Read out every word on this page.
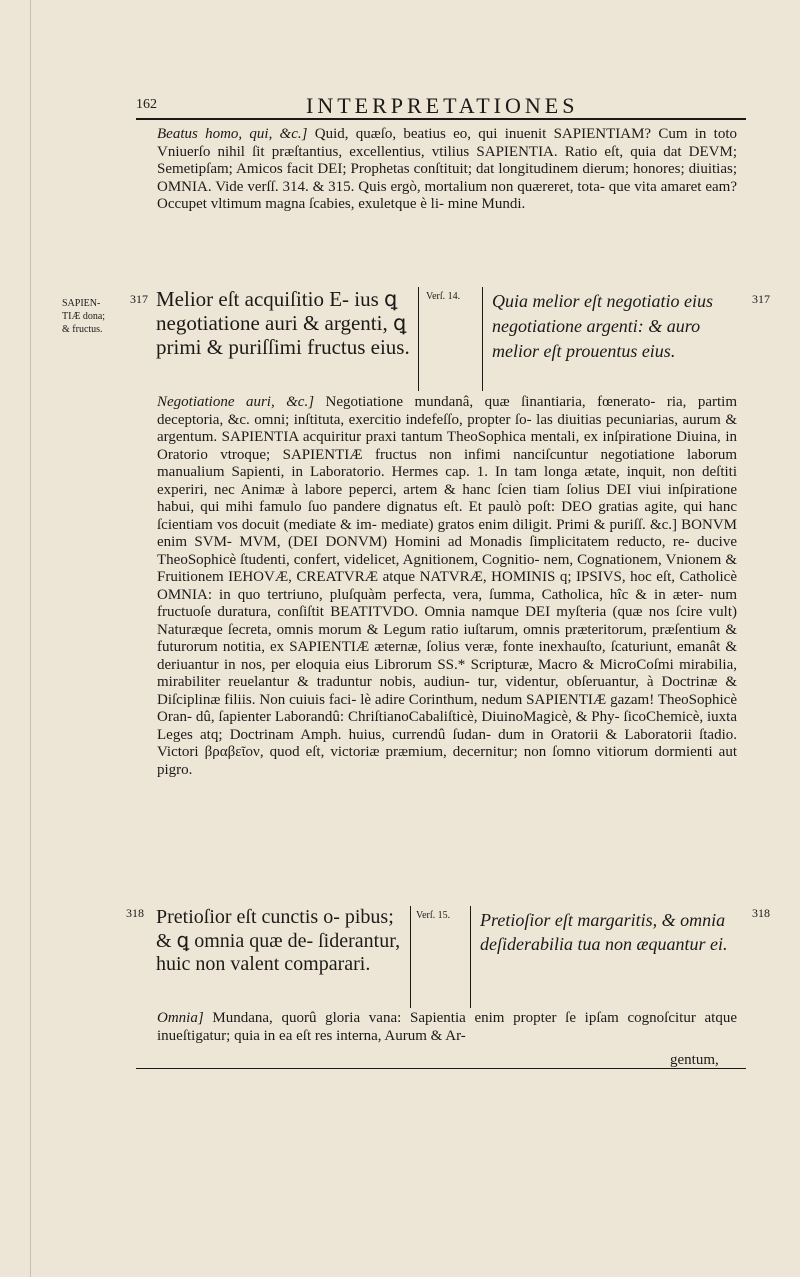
162	INTERPRETATIONES
Beatus homo, qui, &c.] Quid, quæſo, beatius eo, qui inuenit SAPIENTIAM? Cum in toto Vniuerſo nihil ſit præſtantius, excellentius, vtilius SAPIENTIA. Ratio eſt, quia dat DEVM; Semetipſam; Amicos facit DEI; Prophetas conſtituit; dat longitudinem dierum; honores; diuitias; OMNIA. Vide verſſ. 314. & 315. Quis ergò, mortalium non quæreret, tota- que vita amaret eam? Occupet vltimum magna ſcabies, exuletque è li- mine Mundi.
SAPIEN-
TIÆ dona;
& fructus.
317	317
Melior eſt acquiſitio E- ius ꝗ negotiatione auri & argenti, ꝗ primi & puriſſimi fructus eius.
Verſ. 14. Quia melior eſt negotiatio eius negotiatione argenti: & auro melior eſt prouentus eius.
Negotiatione auri, &c.] Negotiatione mundanâ, quæ ſinantiaria, fœnerato- ria, partim deceptoria, &c. omni; inſtituta, exercitio indefeſſo, propter ſo- las diuitias pecuniarias, aurum & argentum. SAPIENTIA acquiritur praxi tantum TheoSophica mentali, ex inſpiratione Diuina, in Oratorio vtroque; SAPIENTIÆ fructus non infimi nanciſcuntur negotiatione laborum manualium Sapienti, in Laboratorio. Hermes cap. 1. In tam longa ætate, inquit, non deſtiti experiri, nec Animæ à labore peperci, artem & hanc ſcien tiam ſolius DEI viui inſpiratione habui, qui mihi famulo ſuo pandere dignatus eſt. Et paulò poſt: DEO gratias agite, qui hanc ſcientiam vos docuit (mediate & im- mediate) gratos enim diligit. Primi & puriſſ. &c.] BONVM enim SVM- MVM, (DEI DONVM) Homini ad Monadis ſimplicitatem reducto, re- ducive TheoSophicè ſtudenti, confert, videlicet, Agnitionem, Cognitio- nem, Cognationem, Vnionem & Fruitionem IEHOVÆ, CREATVRÆ atque NATVRÆ, HOMINIS q; IPSIVS, hoc eſt, Catholicè OMNIA: in quo tertriuno, pluſquàm perfecta, vera, ſumma, Catholica, hîc & in æter- num fructuoſe duratura, conſiſtit BEATITVDO. Omnia namque DEI myſteria (quæ nos ſcire vult) Naturæque ſecreta, omnis morum & Legum ratio iuſtarum, omnis præteritorum, præſentium & futurorum notitia, ex SAPIENTIÆ æternæ, ſolius veræ, fonte inexhauſto, ſcaturiunt, emanât & deriuantur in nos, per eloquia eius Librorum SS.* Scripturæ, Macro & MicroCoſmi mirabilia, mirabiliter reuelantur & traduntur nobis, audiun- tur, videntur, obſeruantur, à Doctrinæ & Diſciplinæ filiis. Non cuiuis faci- lè adire Corinthum, nedum SAPIENTIÆ gazam! TheoSophicè Oran- dû, ſapienter Laborandû: ChriſtianoCabaliſticè, DiuinoMagicè, & Phy- ſicoChemicè, iuxta Leges atq; Doctrinam Amph. huius, currendû ſudan- dum in Oratorii & Laboratorii ſtadio. Victori βραβεῖον, quod eſt, victoriæ præmium, decernitur; non ſomno vitiorum dormienti aut pigro.
318	318
Pretioſior eſt cunctis o- pibus; & ꝗ omnia quæ de- ſiderantur, huic non valent comparari.
Verſ. 15. Pretioſior eſt margaritis, & omnia deſiderabilia tua non æquantur ei.
Omnia] Mundana, quorû gloria vana: Sapientia enim propter ſe ipſam cognoſcitur atque inueſtigatur; quia in ea eſt res interna, Aurum & Ar-
gentum,
